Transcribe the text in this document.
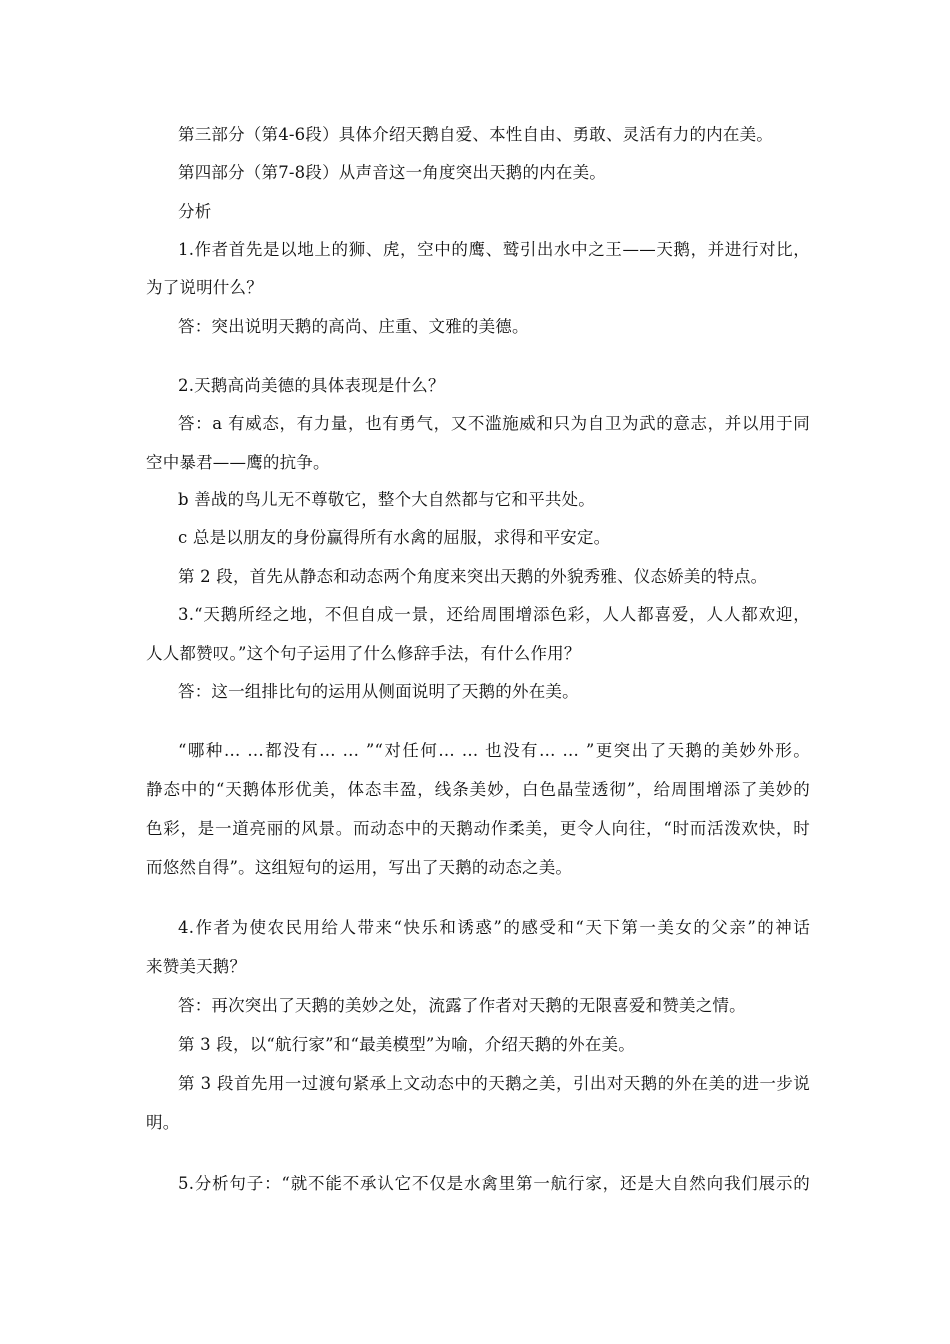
第三部分（第4-6段）具体介绍天鹅自爱、本性自由、勇敢、灵活有力的内在美。
第四部分（第7-8段）从声音这一角度突出天鹅的内在美。
分析
1.作者首先是以地上的狮、虎，空中的鹰、鹫引出水中之王——天鹅，并进行对比，
为了说明什么？
答：突出说明天鹅的高尚、庄重、文雅的美德。
2.天鹅高尚美德的具体表现是什么？
答：a 有威态，有力量，也有勇气，又不滥施威和只为自卫为武的意志，并以用于同
空中暴君——鹰的抗争。
b 善战的鸟儿无不尊敬它，整个大自然都与它和平共处。
c 总是以朋友的身份赢得所有水禽的屈服，求得和平安定。
第 2 段，首先从静态和动态两个角度来突出天鹅的外貌秀雅、仪态娇美的特点。
3.“天鹅所经之地，不但自成一景，还给周围增添色彩，人人都喜爱，人人都欢迎，
人人都赞叹。”这个句子运用了什么修辞手法，有什么作用？
答：这一组排比句的运用从侧面说明了天鹅的外在美。
“哪种… …都没有… … ”“对任何… … 也没有… … ”更突出了天鹅的美妙外形。
静态中的“天鹅体形优美，体态丰盈，线条美妙，白色晶莹透彻”，给周围增添了美妙的
色彩，是一道亮丽的风景。而动态中的天鹅动作柔美，更令人向往，“时而活泼欢快，时
而悠然自得”。这组短句的运用，写出了天鹅的动态之美。
4.作者为使农民用给人带来“快乐和诱惑”的感受和“天下第一美女的父亲”的神话
来赞美天鹅？
答：再次突出了天鹅的美妙之处，流露了作者对天鹅的无限喜爱和赞美之情。
第 3 段，以“航行家”和“最美模型”为喻，介绍天鹅的外在美。
第 3 段首先用一过渡句紧承上文动态中的天鹅之美，引出对天鹅的外在美的进一步说
明。
5.分析句子：“就不能不承认它不仅是水禽里第一航行家，还是大自然向我们展示的
